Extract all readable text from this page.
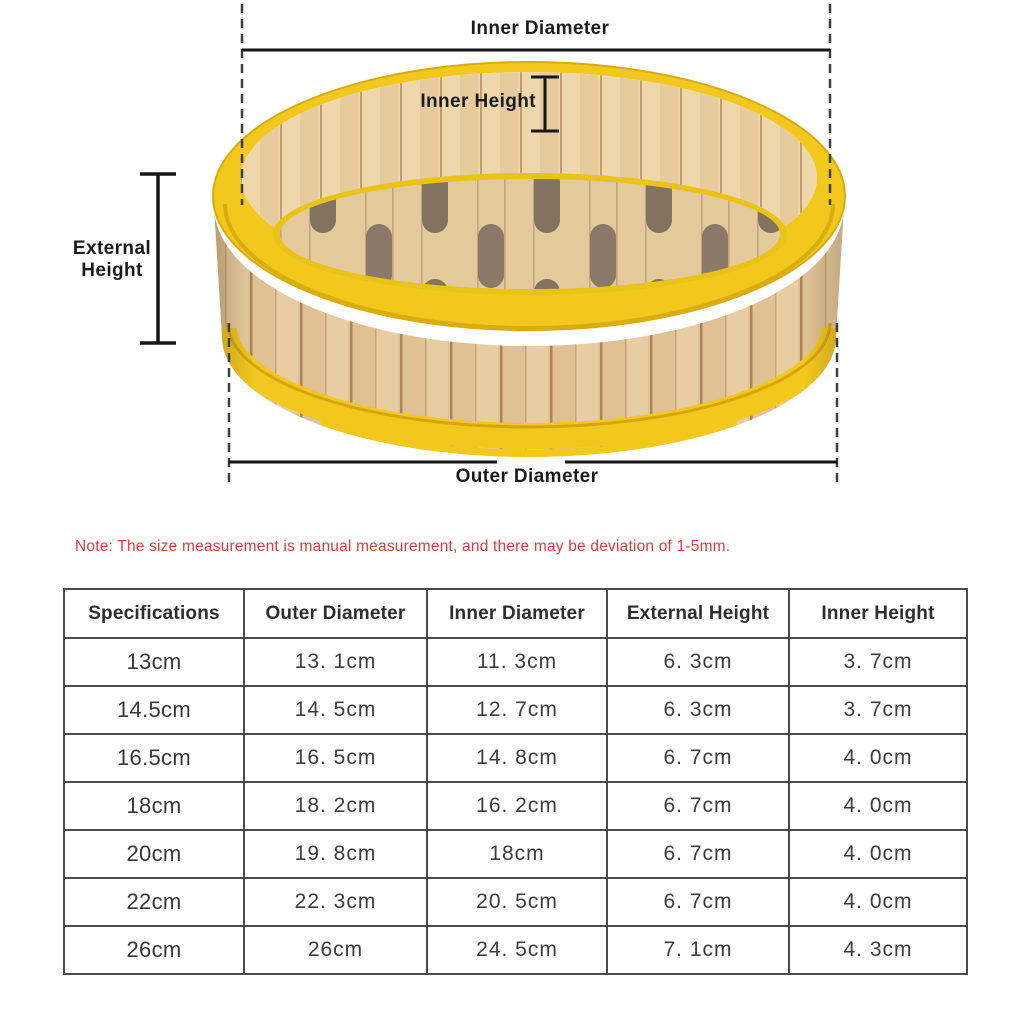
Inner Diameter
Inner Height
External
Height
Outer Diameter
Note: The size measurement is manual measurement, and there may be deviation of 1-5mm.
Specifications	Outer Diameter	Inner Diameter	External Height	Inner Height
13cm	13. 1cm	11. 3cm	6. 3cm	3. 7cm
14.5cm	14. 5cm	12. 7cm	6. 3cm	3. 7cm
16.5cm	16. 5cm	14. 8cm	6. 7cm	4. 0cm
18cm	18. 2cm	16. 2cm	6. 7cm	4. 0cm
20cm	19. 8cm	18cm	6. 7cm	4. 0cm
22cm	22. 3cm	20. 5cm	6. 7cm	4. 0cm
26cm	26cm	24. 5cm	7. 1cm	4. 3cm
